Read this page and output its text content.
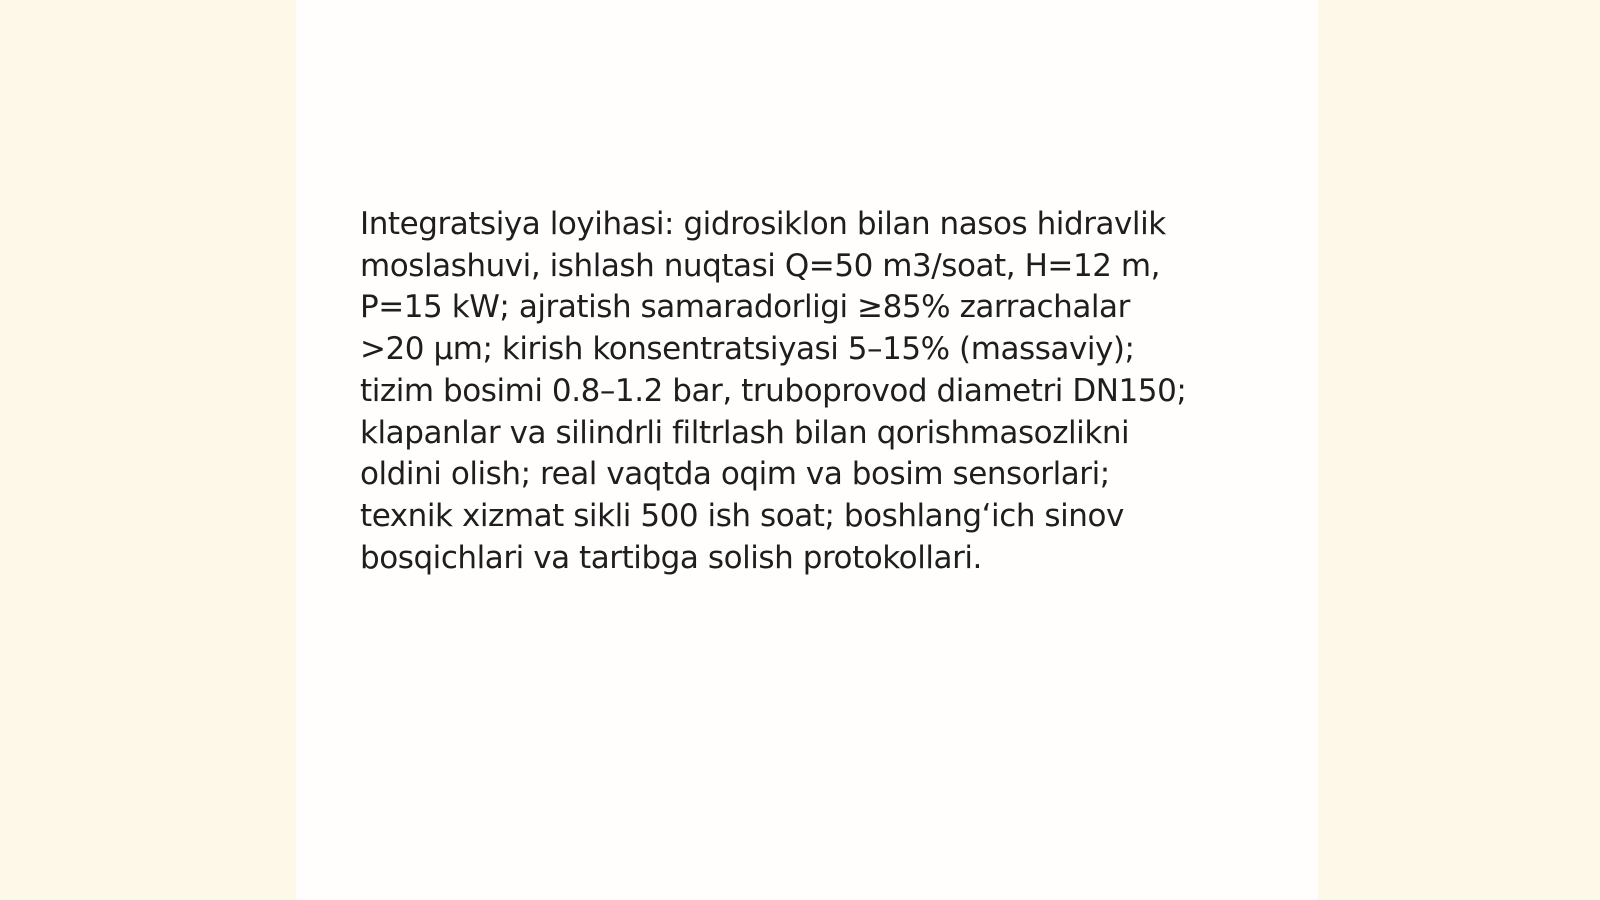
Integratsiya loyihasi: gidrosiklon bilan nasos hidravlik
moslashuvi, ishlash nuqtasi Q=50 m3/soat, H=12 m,
P=15 kW; ajratish samaradorligi ≥85% zarrachalar
>20 µm; kirish konsentratsiyasi 5–15% (massaviy);
tizim bosimi 0.8–1.2 bar, truboprovod diametri DN150;
klapanlar va silindrli filtrlash bilan qorishmasozlikni
oldini olish; real vaqtda oqim va bosim sensorlari;
texnik xizmat sikli 500 ish soat; boshlang‘ich sinov
bosqichlari va tartibga solish protokollari.
